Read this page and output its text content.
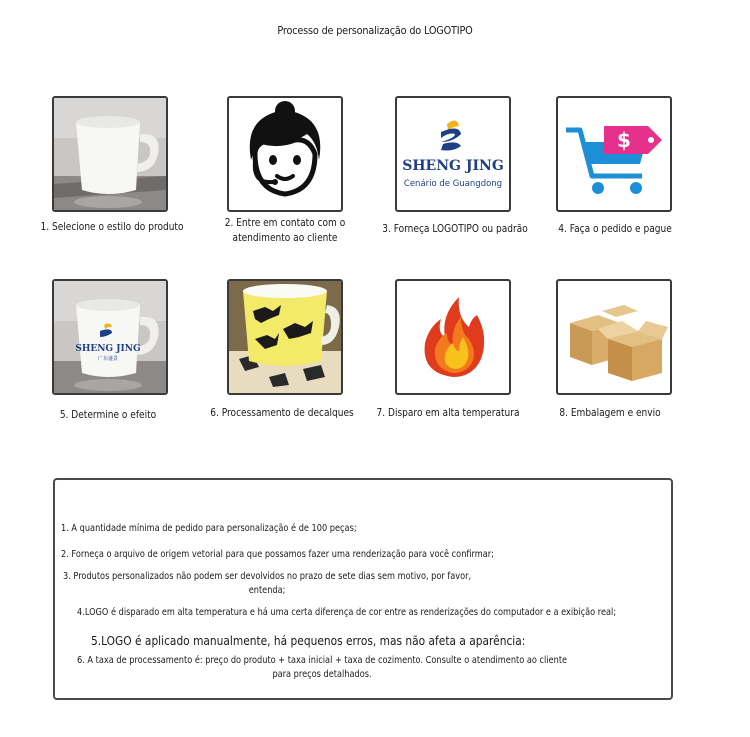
Processo de personalização do LOGOTIPO
1. Selecione o estilo do produto	2. Entre em contato com o atendimento ao cliente
SHENG JING
Cenário de Guangdong
3. Forneça LOGOTIPO ou padrão
$
4. Faça o pedido e pague
SHENG JING
广东盛景
5. Determine o efeito	6. Processamento de decalques 7. Disparo em alta temperatura	8. Embalagem e envio
1. A quantidade mínima de pedido para personalização é de 100 peças;
2. Forneça o arquivo de origem vetorial para que possamos fazer uma renderização para você confirmar;
3. Produtos personalizados não podem ser devolvidos no prazo de sete dias sem motivo, por favor,
entenda;
4.LOGO é disparado em alta temperatura e há uma certa diferença de cor entre as renderizações do computador e a exibição real;
5.LOGO é aplicado manualmente, há pequenos erros, mas não afeta a aparência:
6. A taxa de processamento é: preço do produto + taxa inicial + taxa de cozimento. Consulte o atendimento ao cliente
para preços detalhados.
